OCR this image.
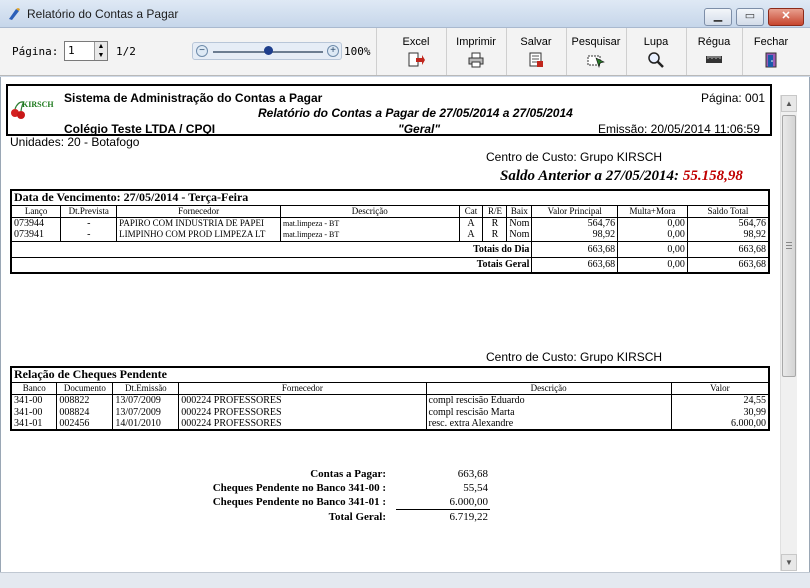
Relatório do Contas a Pagar	▁	▭	✕
Página: 1	▲
▼ 1/2	−	+ 100%
Excel	Imprimir	Salvar	Pesquisar	Lupa	Régua	Fechar
KIRSCH Sistema de Administração do Contas a Pagar
Relatório do Contas a Pagar de 27/05/2014 a 27/05/2014
Colégio Teste LTDA / CPQI	"Geral"
Página: 001
Emissão: 20/05/2014 11:06:59
Unidades: 20 - Botafogo
Centro de Custo: Grupo KIRSCH
Saldo Anterior a 27/05/2014: 55.158,98
Data de Vencimento: 27/05/2014 - Terça-Feira									
Lanço	Dt.Prevista	Fornecedor	Descrição	Cat	R/E	Baix	Valor Principal	Multa+Mora	Saldo Total
073944	-	PAPIRO COM INDUSTRIA DE PAPEI	mat.limpeza - BT	A	R	Nom	564,76	0,00	564,76
073941	-	LIMPINHO COM PROD LIMPEZA LT	mat.limpeza - BT	A	R	Nom	98,92	0,00	98,92
Totais do Dia							663,68	0,00	663,68
Totais Geral							663,68	0,00	663,68
Centro de Custo: Grupo KIRSCH
Relação de Cheques Pendente					
Banco	Documento	Dt.Emissão	Fornecedor	Descrição	Valor
341-00	008822	13/07/2009	000224 PROFESSORES	compl rescisão Eduardo	24,55
341-00	008824	13/07/2009	000224 PROFESSORES	compl rescisão Marta	30,99
341-01	002456	14/01/2010	000224 PROFESSORES	resc. extra Alexandre	6.000,00
Contas a Pagar:	663,68
Cheques Pendente no Banco 341-00 :	55,54
Cheques Pendente no Banco 341-01 :	6.000,00
Total Geral:	6.719,22
▲
▼
